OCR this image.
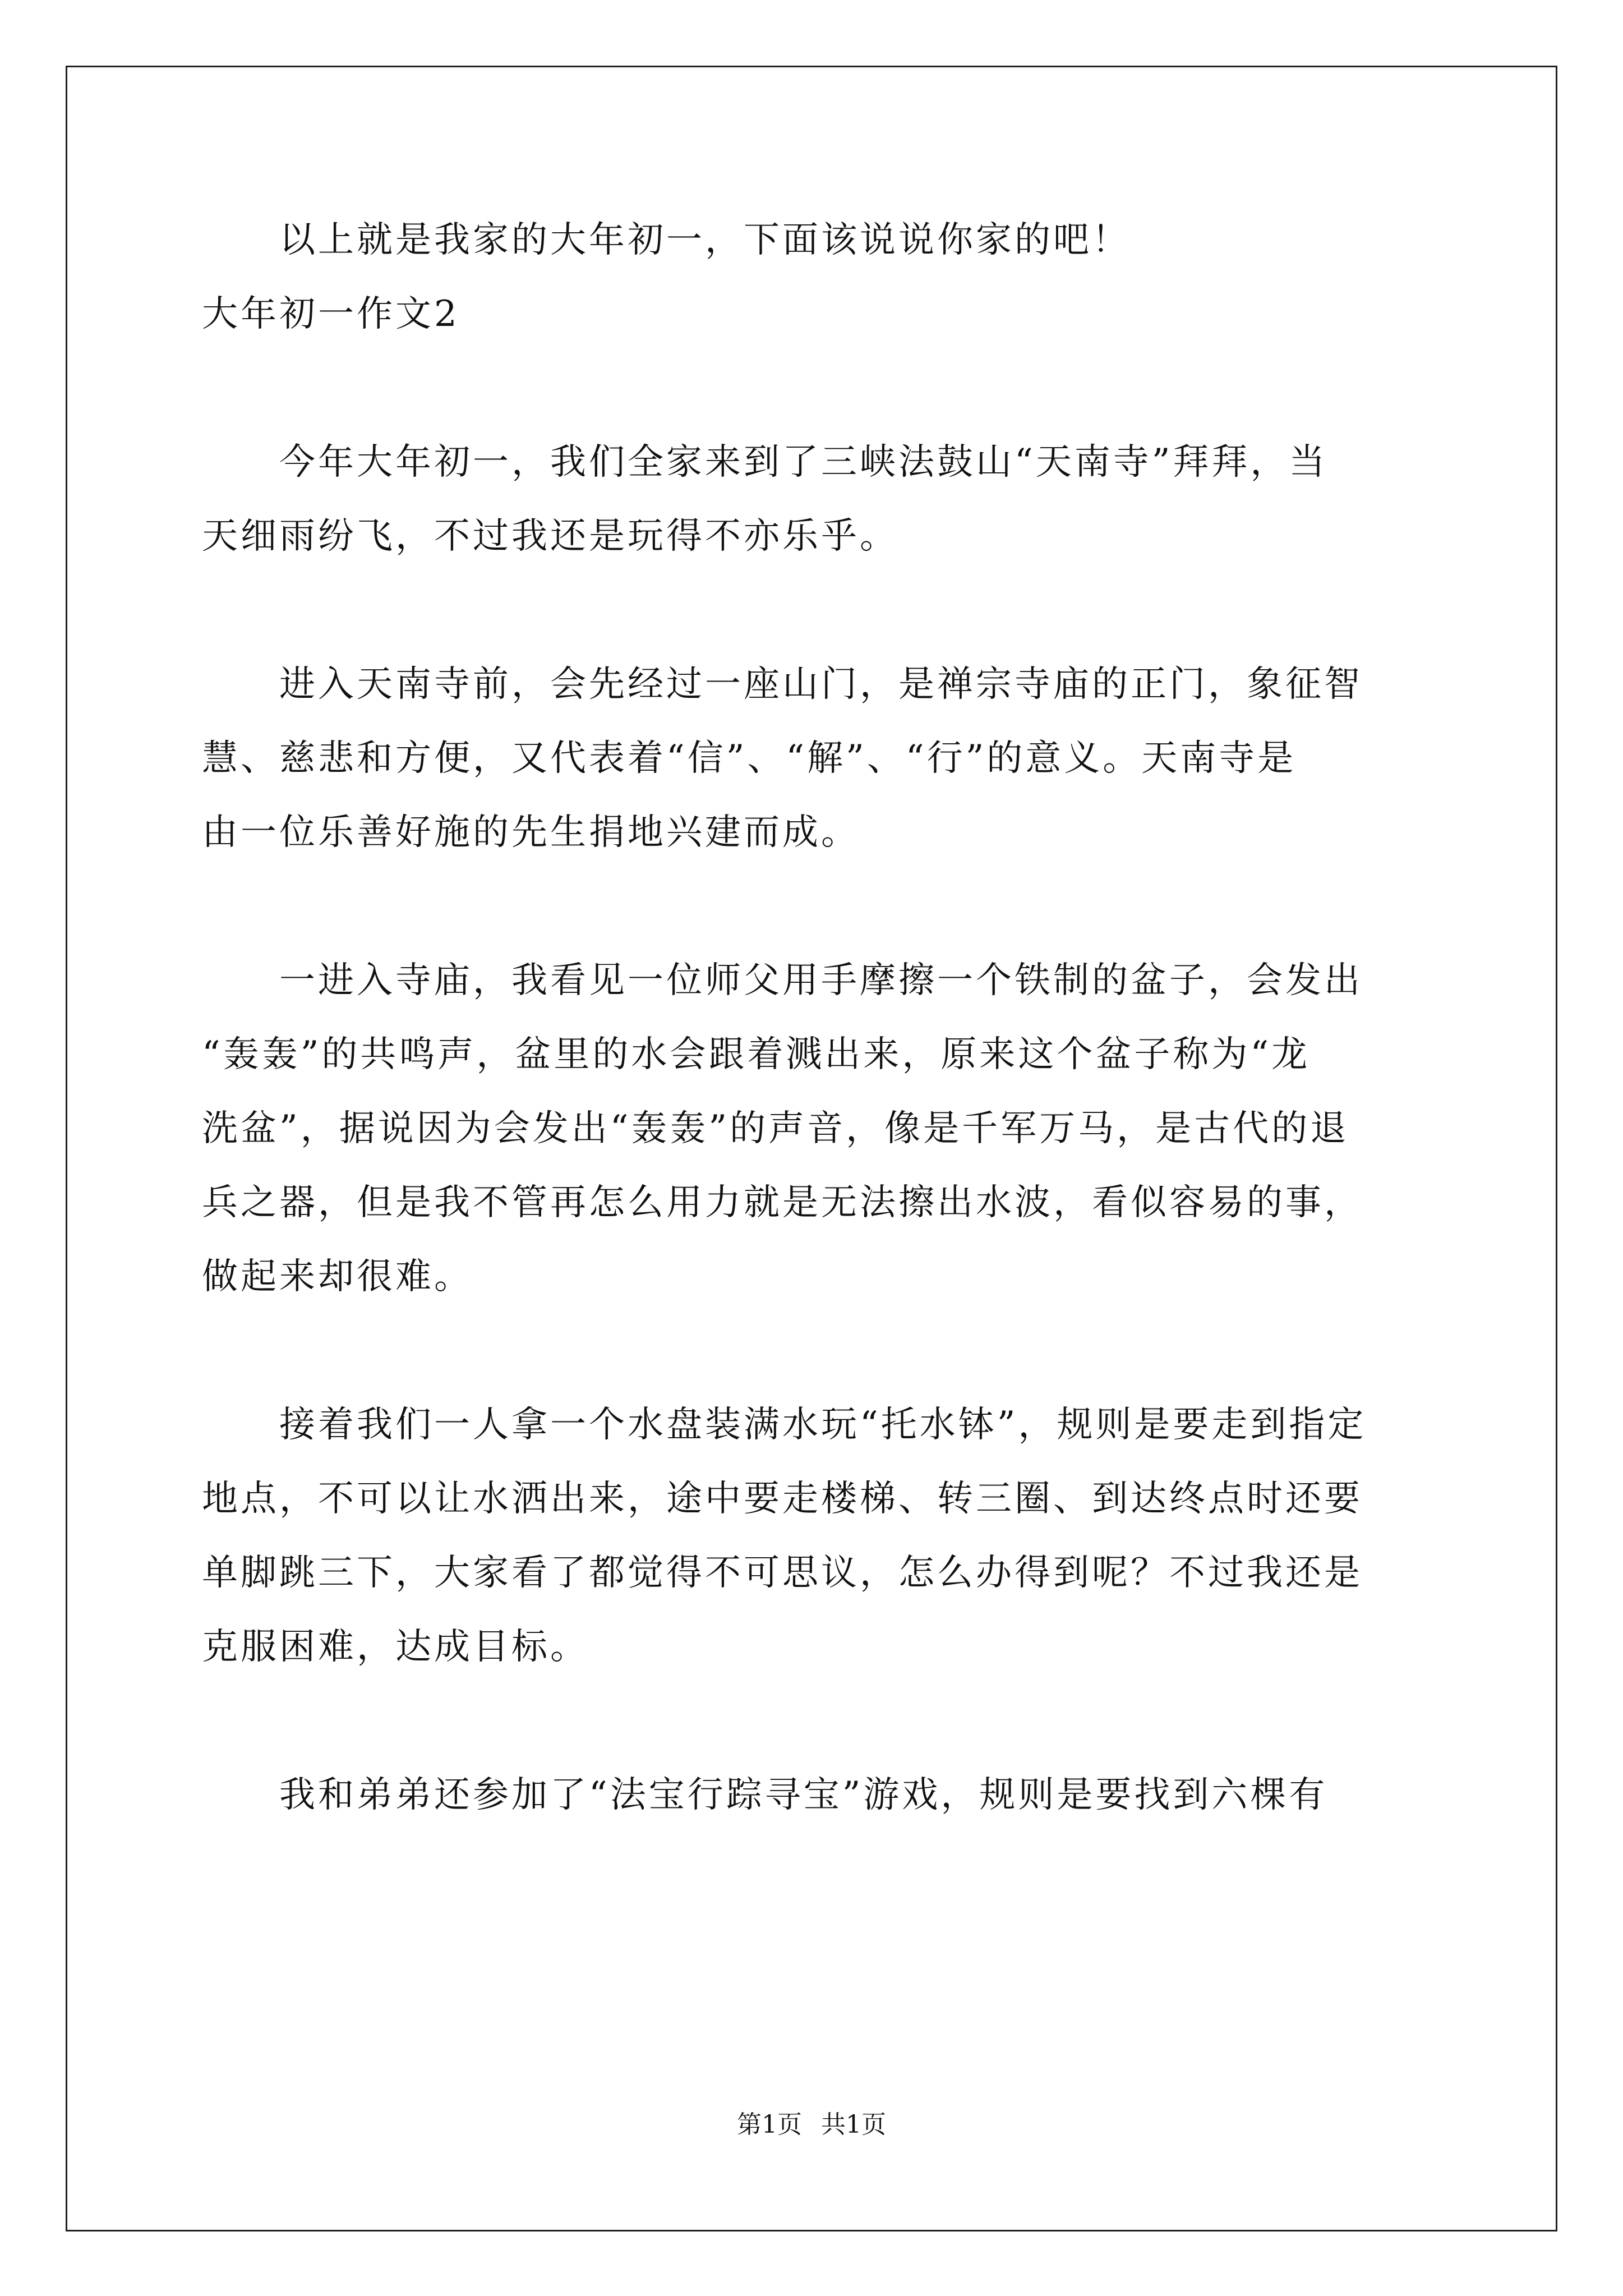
　　以上就是我家的大年初一，下面该说说你家的吧！

大年初一作文2

　　今年大年初一，我们全家来到了三峡法鼓山“天南寺”拜拜，当

天细雨纷飞，不过我还是玩得不亦乐乎。

　　进入天南寺前，会先经过一座山门，是禅宗寺庙的正门，象征智

慧、慈悲和方便，又代表着“信”、“解”、“行”的意义。天南寺是

由一位乐善好施的先生捐地兴建而成。

　　一进入寺庙，我看见一位师父用手摩擦一个铁制的盆子，会发出

“轰轰”的共鸣声，盆里的水会跟着溅出来，原来这个盆子称为“龙

洗盆”，据说因为会发出“轰轰”的声音，像是千军万马，是古代的退

兵之器，但是我不管再怎么用力就是无法擦出水波，看似容易的事，

做起来却很难。

　　接着我们一人拿一个水盘装满水玩“托水钵”，规则是要走到指定

地点，不可以让水洒出来，途中要走楼梯、转三圈、到达终点时还要

单脚跳三下，大家看了都觉得不可思议，怎么办得到呢？不过我还是

克服困难，达成目标。

　　我和弟弟还参加了“法宝行踪寻宝”游戏，规则是要找到六棵有

第1页 共1页
